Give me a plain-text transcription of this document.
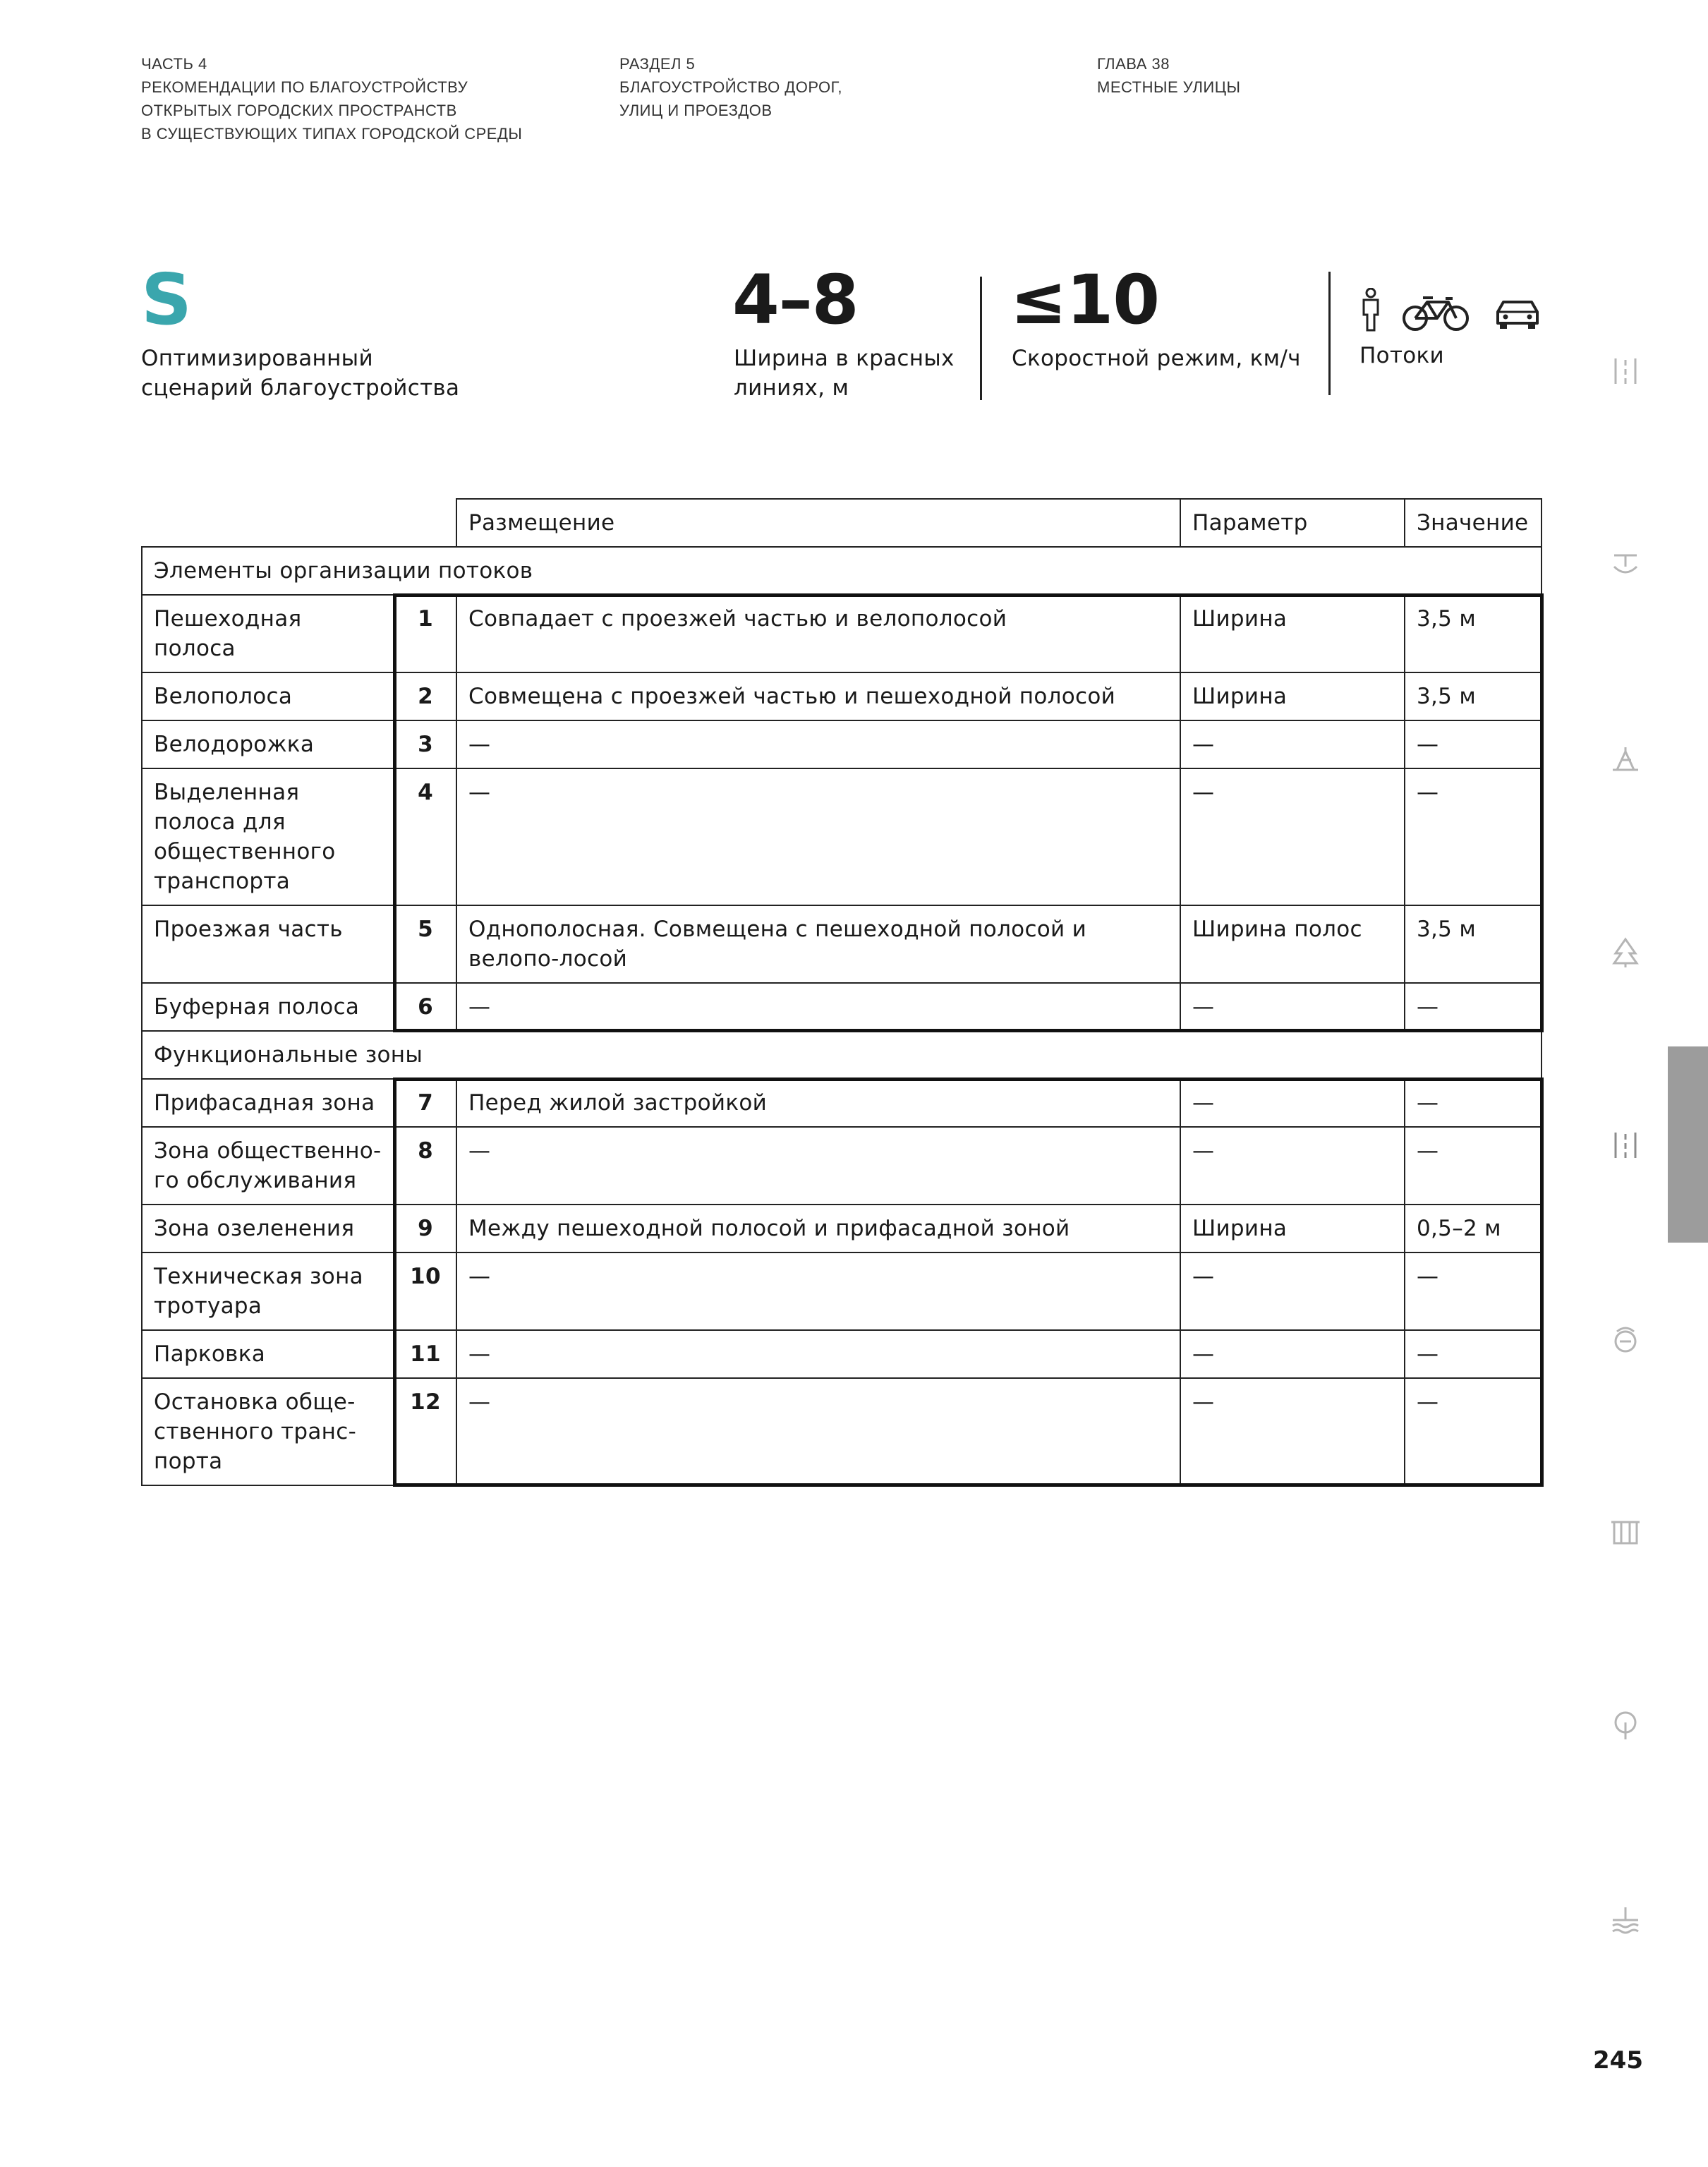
ЧАСТЬ 4
РЕКОМЕНДАЦИИ ПО БЛАГОУСТРОЙСТВУ
ОТКРЫТЫХ ГОРОДСКИХ ПРОСТРАНСТВ
В СУЩЕСТВУЮЩИХ ТИПАХ ГОРОДСКОЙ СРЕДЫ
РАЗДЕЛ 5
БЛАГОУСТРОЙСТВО ДОРОГ,
УЛИЦ И ПРОЕЗДОВ
ГЛАВА 38
МЕСТНЫЕ УЛИЦЫ
S
Оптимизированный
сценарий благоустройства
4–8
Ширина в красных
линиях, м
≤10
Скоростной режим, км/ч	Потоки
		Размещение	Параметр	Значение
Элементы организации потоков				
Пешеходная полоса	1	Совпадает с проезжей частью и велополосой	Ширина	3,5 м
Велополоса	2	Совмещена с проезжей частью и пешеходной полосой	Ширина	3,5 м
Велодорожка	3	—	—	—
Выделенная полоса для общественного транспорта	4	—	—	—
Проезжая часть	5	Однополосная. Совмещена с пешеходной полосой и велопо-лосой	Ширина полос	3,5 м
Буферная полоса	6	—	—	—
Функциональные зоны				
Прифасадная зона	7	Перед жилой застройкой	—	—
Зона общественно-го обслуживания	8	—	—	—
Зона озеленения	9	Между пешеходной полосой и прифасадной зоной	Ширина	0,5–2 м
Техническая зона тротуара	10	—	—	—
Парковка	11	—	—	—
Остановка обще-ственного транс-порта	12	—	—	—
245
